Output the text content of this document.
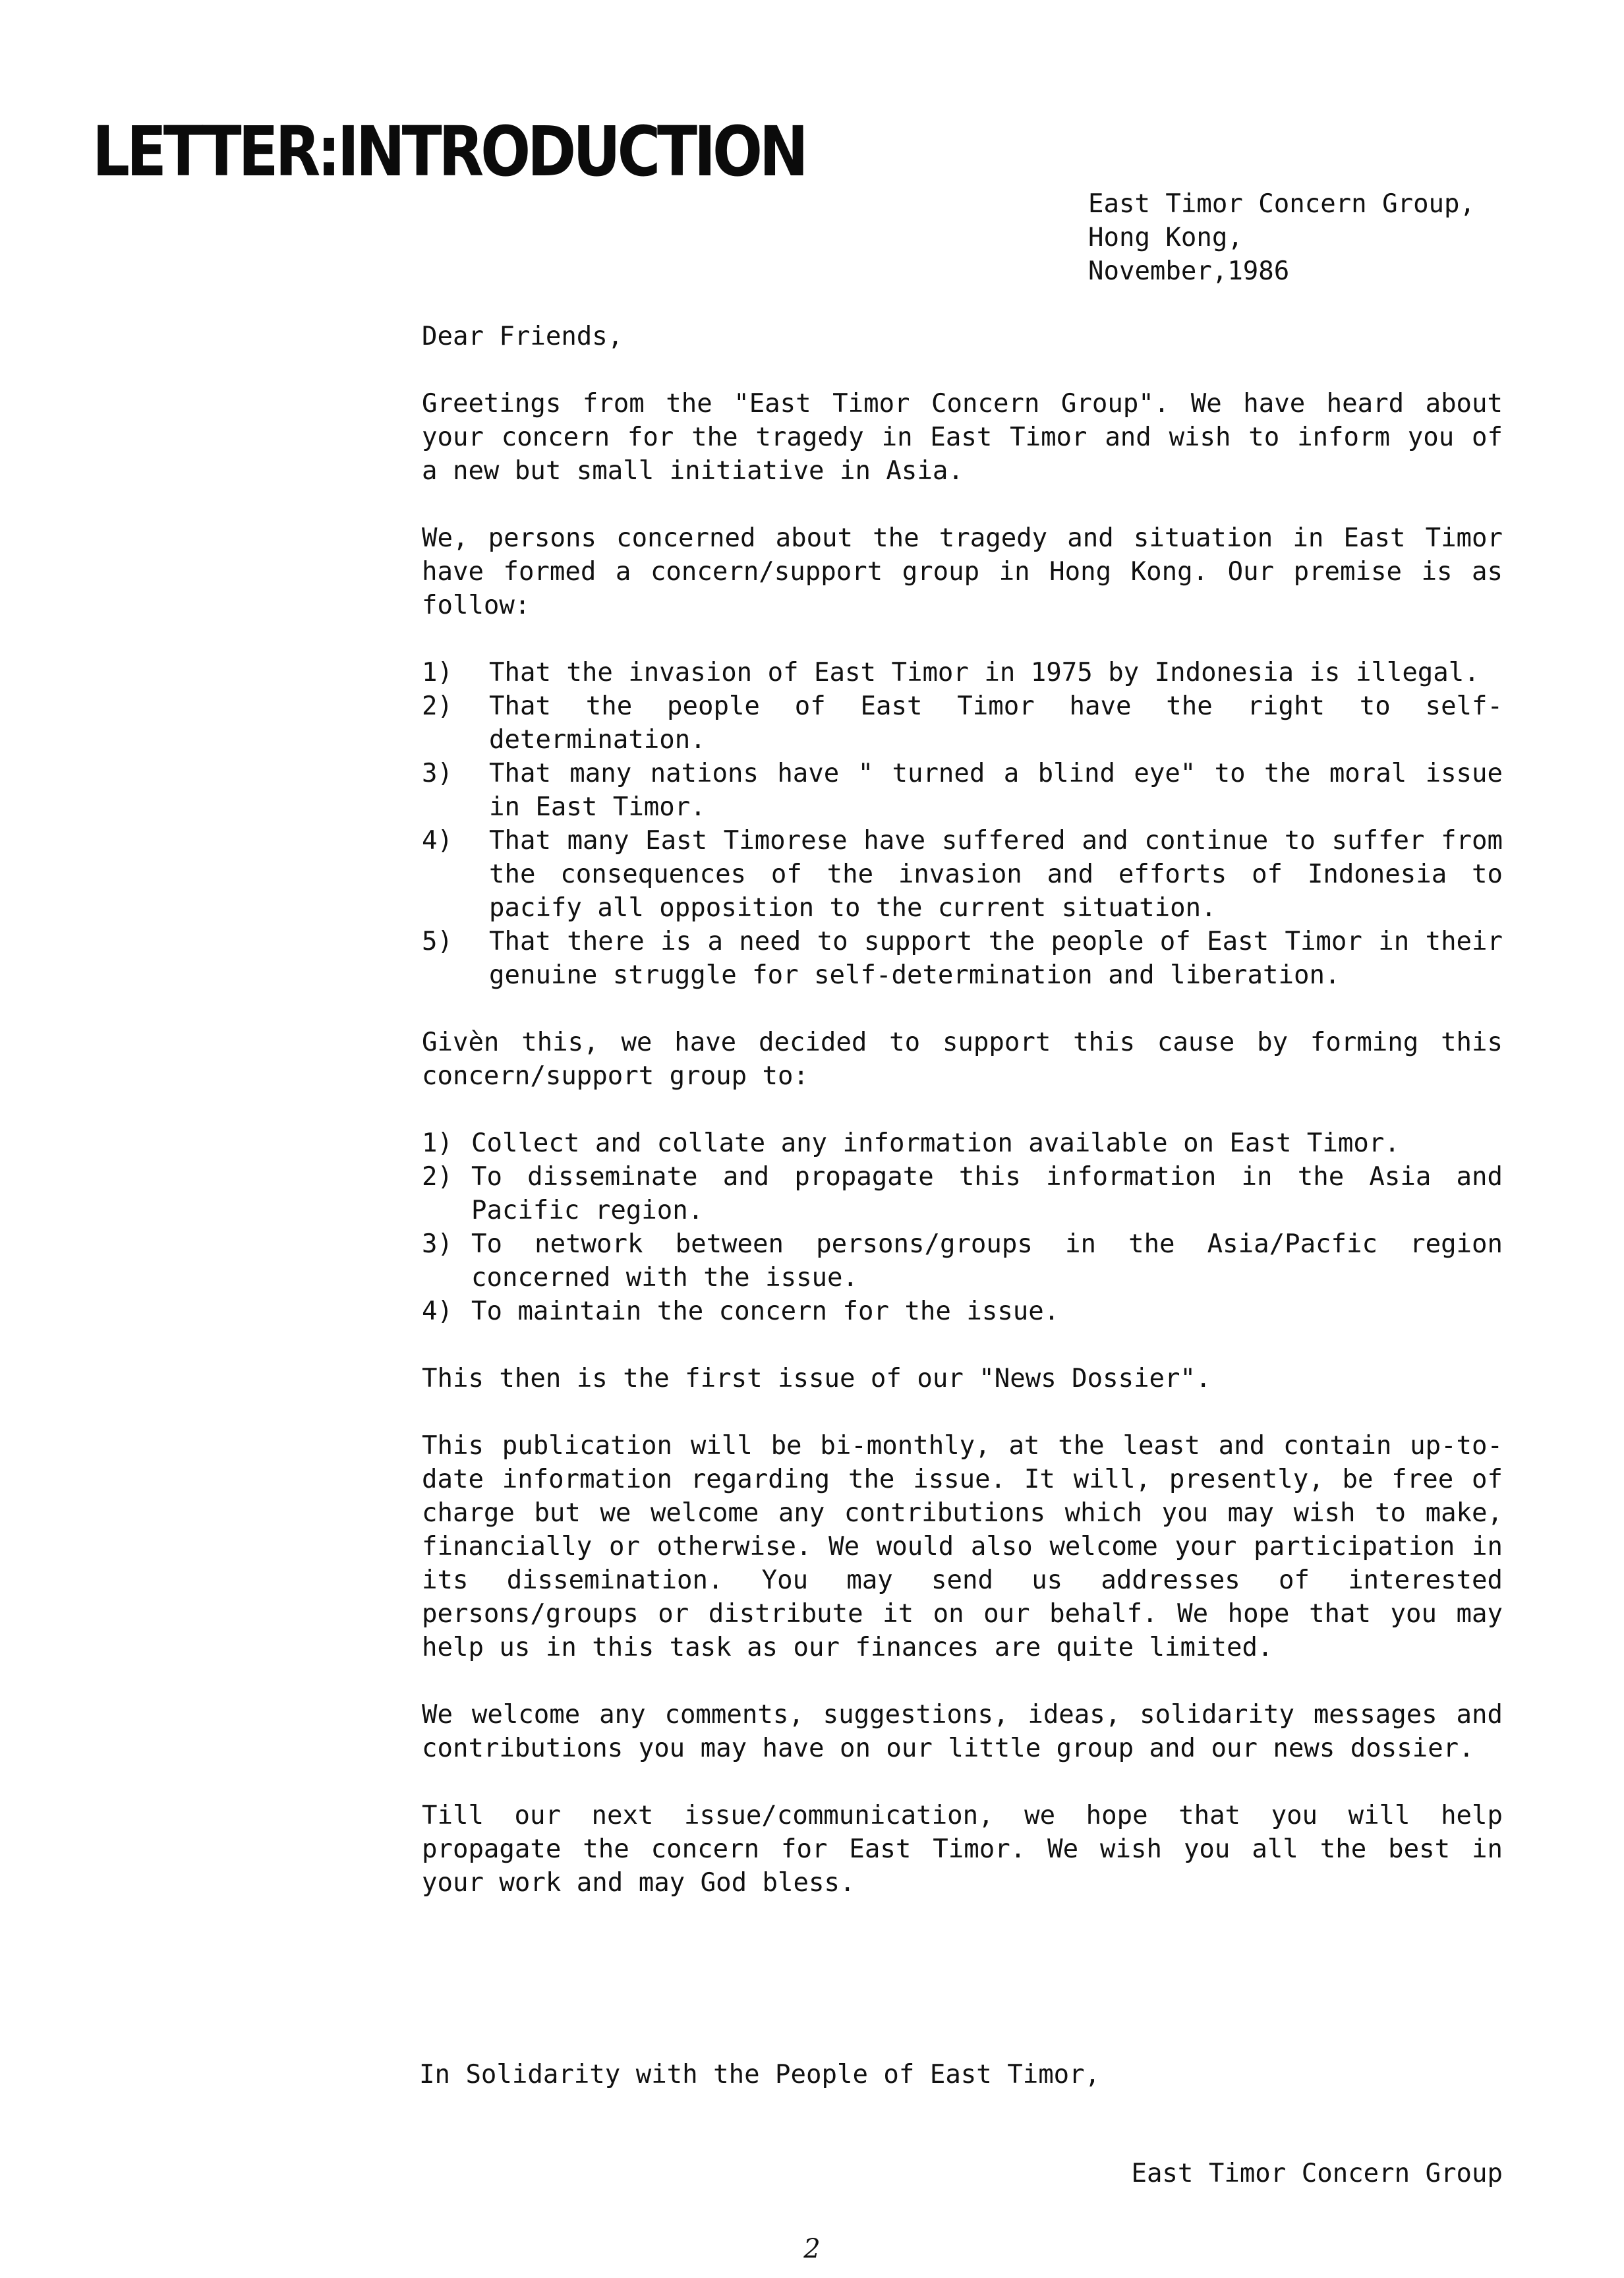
LETTER:INTRODUCTION
East Timor Concern Group,
Hong Kong,
November,1986

Dear Friends,

Greetings from the "East Timor Concern Group". We have heard about your concern for the tragedy in East Timor and wish to inform you of a new but small initiative in Asia.

We, persons concerned about the tragedy and situation in East Timor have formed a concern/support group in Hong Kong. Our premise is as follow:

1)	That the invasion of East Timor in 1975 by Indonesia is illegal.
2)	That the people of East Timor have the right to self-determination.
3)	That many nations have " turned a blind eye" to the moral issue in East Timor.
4)	That many East Timorese have suffered and continue to suffer from the consequences of the invasion and efforts of Indonesia to pacify all opposition to the current situation.
5)	That there is a need to support the people of East Timor in their genuine struggle for self-determination and liberation.

Givèn this, we have decided to support this cause by forming this concern/support group to:

1) Collect and collate any information available on East Timor.
2) To disseminate and propagate this information in the Asia and Pacific region.
3) To network between persons/groups in the Asia/Pacfic region concerned with the issue.
4) To maintain the concern for the issue.

This then is the first issue of our "News Dossier".

This publication will be bi-monthly, at the least and contain up-to-date information regarding the issue. It will, presently, be free of charge but we welcome any contributions which you may wish to make, financially or otherwise. We would also welcome your participation in its dissemination. You may send us addresses of interested persons/groups or distribute it on our behalf. We hope that you may help us in this task as our finances are quite limited.

We welcome any comments, suggestions, ideas, solidarity messages and contributions you may have on our little group and our news dossier.

Till our next issue/communication, we hope that you will help propagate the concern for East Timor. We wish you all the best in your work and may God bless.

In Solidarity with the People of East Timor,
East Timor Concern Group
2
